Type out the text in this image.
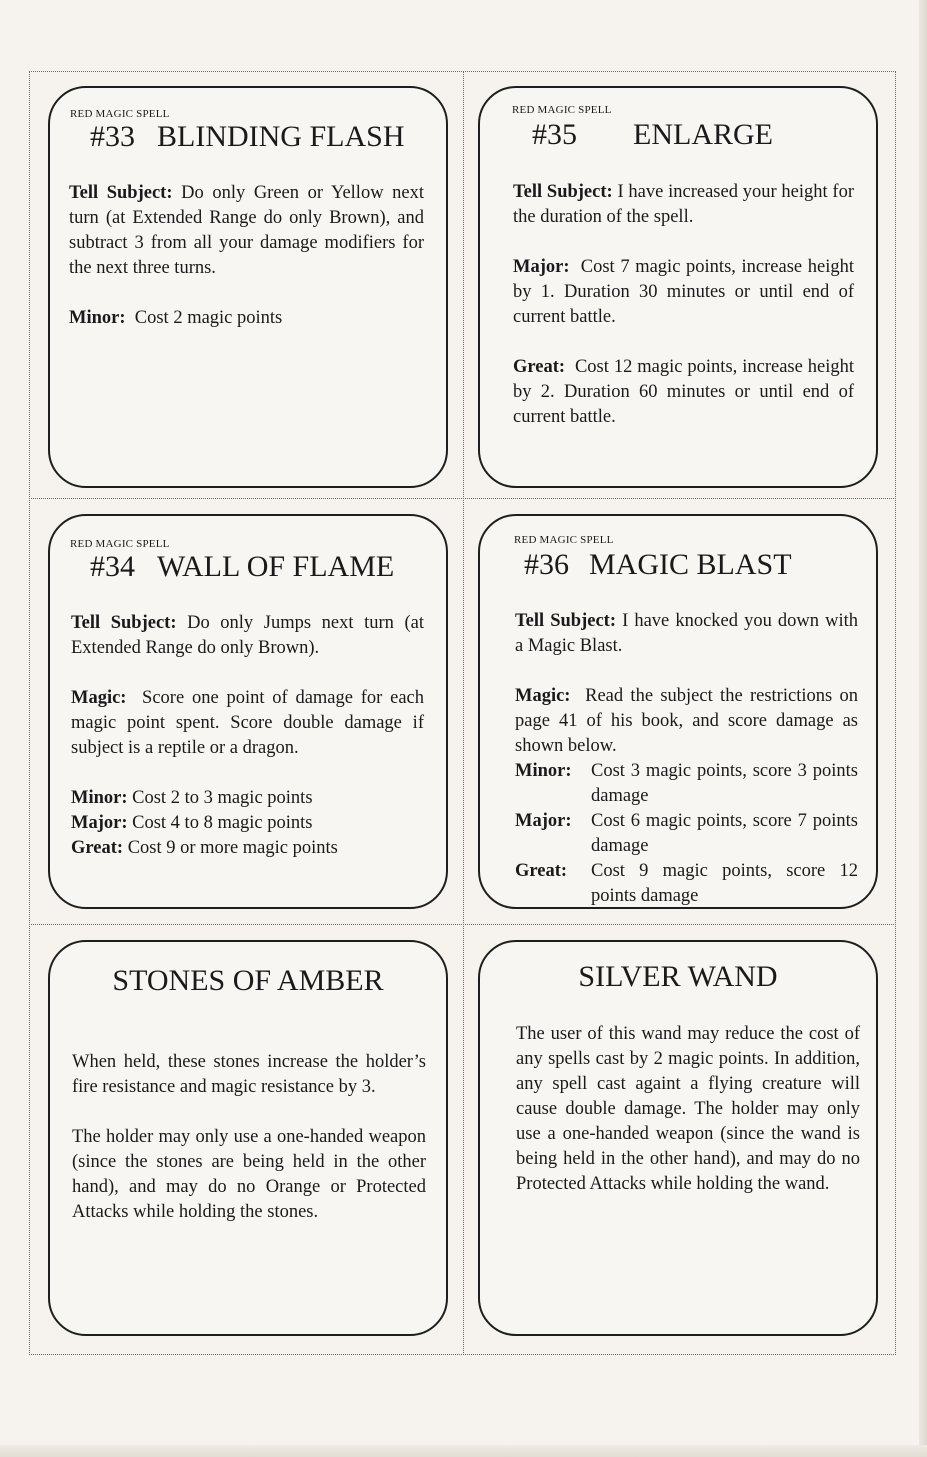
RED MAGIC SPELL
#33 BLINDING FLASH

Tell Subject: Do only Green or Yellow next turn (at Extended Range do only Brown), and subtract 3 from all your damage modifiers for the next three turns.

Minor: Cost 2 magic points

RED MAGIC SPELL
#35 ENLARGE

Tell Subject: I have increased your height for the duration of the spell.

Major: Cost 7 magic points, increase height by 1. Duration 30 minutes or until end of current battle.

Great: Cost 12 magic points, increase height by 2. Duration 60 minutes or until end of current battle.

RED MAGIC SPELL
#34 WALL OF FLAME

Tell Subject: Do only Jumps next turn (at Extended Range do only Brown).

Magic: Score one point of damage for each magic point spent. Score double damage if subject is a reptile or a dragon.

Minor: Cost 2 to 3 magic points
Major: Cost 4 to 8 magic points
Great: Cost 9 or more magic points
RED MAGIC SPELL
#36 MAGIC BLAST

Tell Subject: I have knocked you down with a Magic Blast.

Magic: Read the subject the restrictions on page 41 of his book, and score damage as shown below.
Minor:	Cost 3 magic points, score 3 points damage
Major:	Cost 6 magic points, score 7 points damage
Great:	Cost 9 magic points, score 12 points damage
STONES OF AMBER

When held, these stones increase the holder’s fire resistance and magic resistance by 3.

The holder may only use a one-handed weapon (since the stones are being held in the other hand), and may do no Orange or Protected Attacks while holding the stones.

SILVER WAND

The user of this wand may reduce the cost of any spells cast by 2 magic points. In addition, any spell cast againt a flying creature will cause double damage. The holder may only use a one-handed weapon (since the wand is being held in the other hand), and may do no Protected Attacks while holding the wand.
